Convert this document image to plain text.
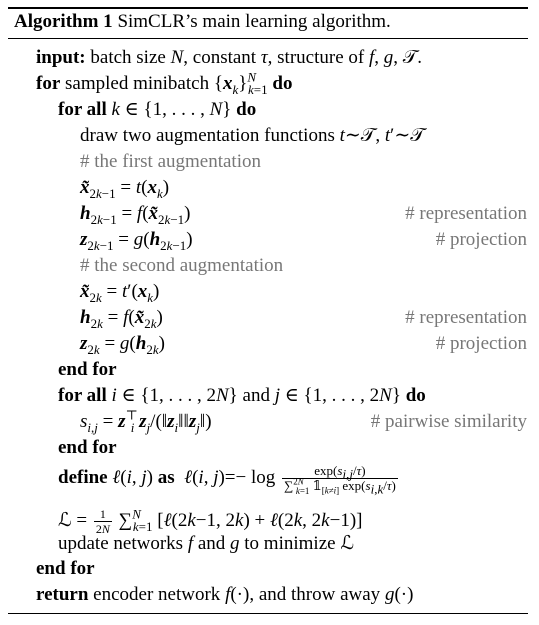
Algorithm 1 SimCLR’s main learning algorithm.
input: batch size N, constant τ, structure of f, g, 𝒯.
for sampled minibatch $\{x_k\}^N_{k=1}$ do
for all k ∈ {1, . . . , N} do
draw two augmentation functions t∼𝒯, t′∼𝒯
# the first augmentation
$x̃_{2k-1} = t(x_k)$
$h_{2k-1}$ = $f(x̃_{2k-1})$	# representation
$z_{2k-1} = g(h_{2k-1})$	# projection
# the second augmentation
$x̃_{2k} = t'(x_k)$
$h_{2k}$ = $f(x̃_{2k})$	# representation
$z_{2k} = g(h_{2k})$	# projection
end for
for all i ∈ {1, . . . , 2N} and j ∈ {1, . . . , 2N} do
$s_{i,j} = z^⊤_i$ $z_j/(‖z_i‖‖z_j‖)$	# pairwise similarity
end for
define ℓ(i, j) as ℓ(i, $j)=- \log \frac{\exp(s_{i,j}/\tau)}{\sum^{2N}_{k=1} 𝟙_{[k\ne i]} \exp(s_{i,k}/\tau)}$
ℒ = $\frac{1}{2N} \sum^N_{k=1}$ [ℓ(2k−1, 2k) + ℓ(2k, 2k−1)]
update networks f and g to minimize ℒ
end for
return encoder network f(·), and throw away g(·)
